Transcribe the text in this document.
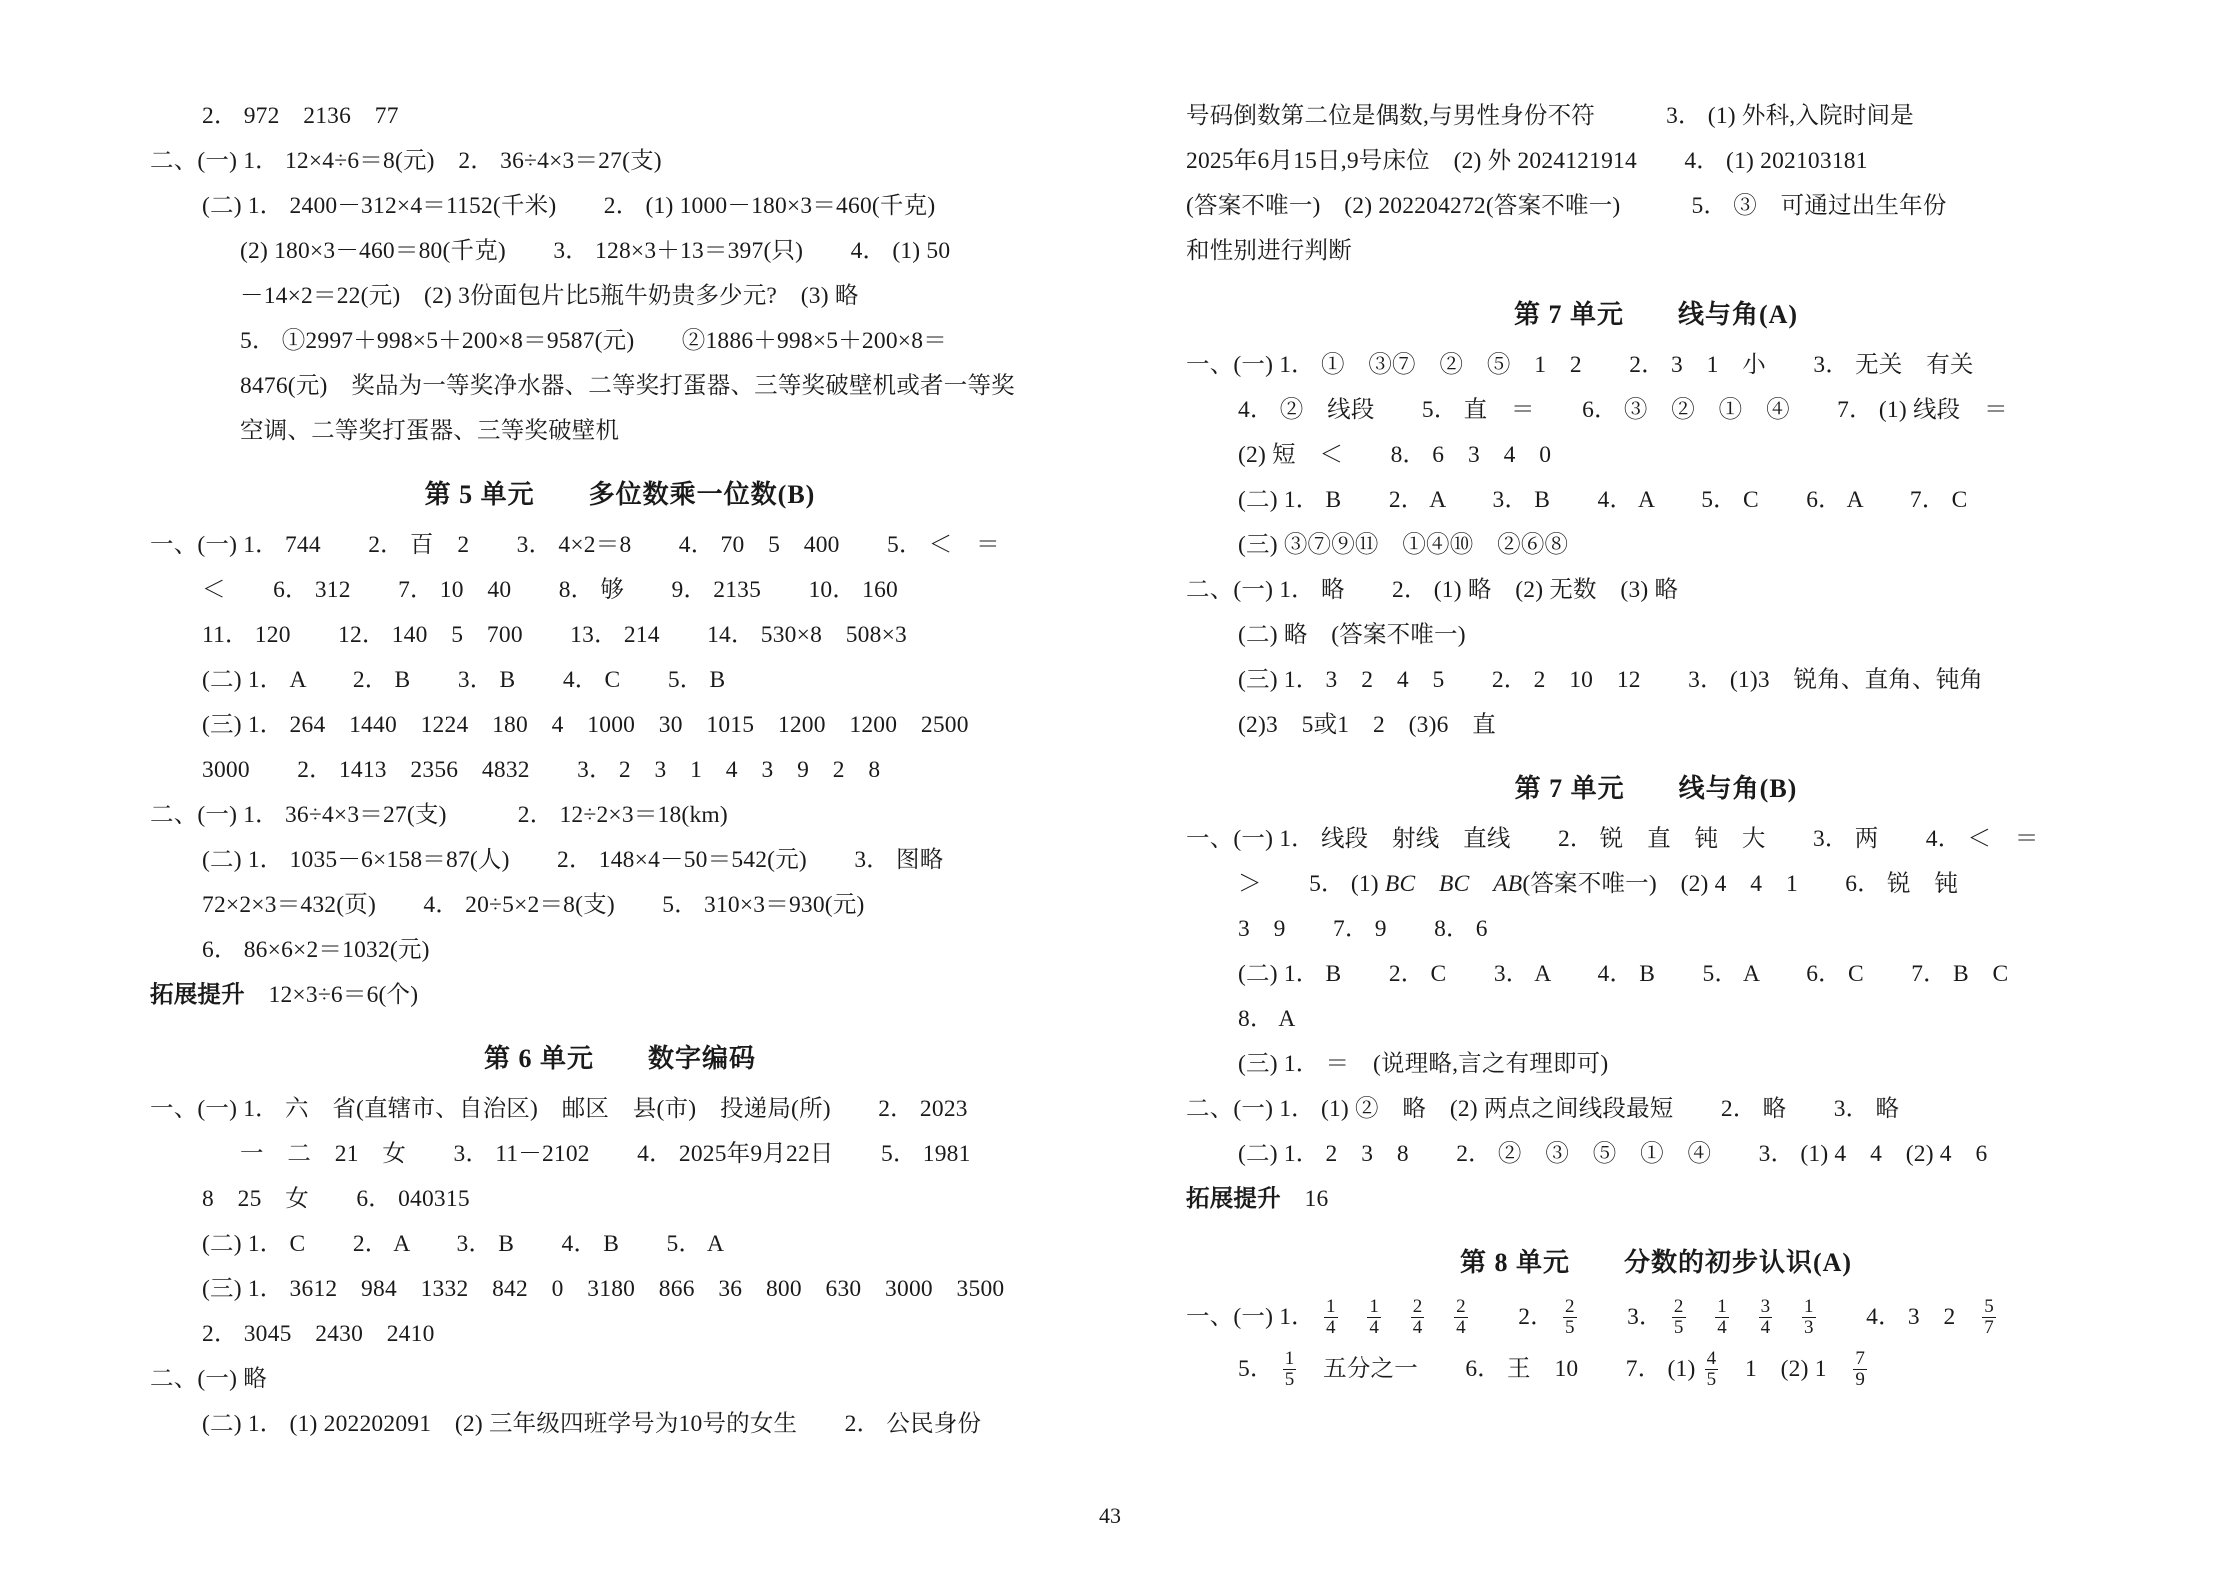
2． 972　2136　77
二、(一) 1． 12×4÷6＝8(元)　2． 36÷4×3＝27(支)
(二) 1． 2400－312×4＝1152(千米)　　2． (1) 1000－180×3＝460(千克)
(2) 180×3－460＝80(千克)　　3． 128×3＋13＝397(只)　　4． (1) 50
－14×2＝22(元)　(2) 3份面包片比5瓶牛奶贵多少元?　(3) 略
5． ①2997＋998×5＋200×8＝9587(元)　　②1886＋998×5＋200×8＝
8476(元)　奖品为一等奖净水器、二等奖打蛋器、三等奖破壁机或者一等奖
空调、二等奖打蛋器、三等奖破壁机
第 5 单元　　多位数乘一位数(B)
一、(一) 1． 744　　2． 百　2　　3． 4×2＝8　　4． 70　5　400　　5． ＜　＝
＜　　6． 312　　7． 10　40　　8． 够　　9． 2135　　10． 160
11． 120　　12． 140　5　700　　13． 214　　14． 530×8　508×3
(二) 1． A　　2． B　　3． B　　4． C　　5． B
(三) 1． 264　1440　1224　180　4　1000　30　1015　1200　1200　2500
3000　　2． 1413　2356　4832　　3． 2　3　1　4　3　9　2　8
二、(一) 1． 36÷4×3＝27(支)　　　2． 12÷2×3＝18(km)
(二) 1． 1035－6×158＝87(人)　　2． 148×4－50＝542(元)　　3． 图略
72×2×3＝432(页)　　4． 20÷5×2＝8(支)　　5． 310×3＝930(元)
6． 86×6×2＝1032(元)
拓展提升　12×3÷6＝6(个)
第 6 单元　　数字编码
一、(一) 1． 六　省(直辖市、自治区)　邮区　县(市)　投递局(所)　　2． 2023
一　二　21　女　　3． 11－2102　　4． 2025年9月22日　　5． 1981
8　25　女　　6． 040315
(二) 1． C　　2． A　　3． B　　4． B　　5． A
(三) 1． 3612　984　1332　842　0　3180　866　36　800　630　3000　3500
2． 3045　2430　2410
二、(一) 略
(二) 1． (1) 202202091　(2) 三年级四班学号为10号的女生　　2． 公民身份
号码倒数第二位是偶数,与男性身份不符　　　3． (1) 外科,入院时间是
2025年6月15日,9号床位　(2) 外 2024121914　　4． (1) 202103181
(答案不唯一)　(2) 202204272(答案不唯一)　　　5． ③　可通过出生年份
和性别进行判断
第 7 单元　　线与角(A)
一、(一) 1． ①　③⑦　②　⑤　1　2　　2． 3　1　小　　3． 无关　有关
4． ②　线段　　5． 直　＝　　6． ③　②　①　④　　7． (1) 线段　＝
(2) 短　＜　　8． 6　3　4　0
(二) 1． B　　2． A　　3． B　　4． A　　5． C　　6． A　　7． C
(三) ③⑦⑨⑪　①④⑩　②⑥⑧
二、(一) 1． 略　　2． (1) 略　(2) 无数　(3) 略
(二) 略　(答案不唯一)
(三) 1． 3　2　4　5　　2． 2　10　12　　3． (1)3　锐角、直角、钝角
(2)3　5或1　2　(3)6　直
第 7 单元　　线与角(B)
一、(一) 1． 线段　射线　直线　　2． 锐　直　钝　大　　3． 两　　4． ＜　＝
＞　　5． (1) BC　 BC　 AB(答案不唯一)　(2) 4　4　1　　6． 锐　钝
3　9　　7． 9　　8． 6
(二) 1． B　　2． C　　3． A　　4． B　　5． A　　6． C　　7． B　C
8． A
(三) 1． ＝　(说理略,言之有理即可)
二、(一) 1． (1) ②　略　(2) 两点之间线段最短　　2． 略　　3． 略
(二) 1． 2　3　8　　2． ②　③　⑤　①　④　　3． (1) 4　4　(2) 4　6
拓展提升　16
第 8 单元　　分数的初步认识(A)
一、(一) 1． $\frac{1}{4}$
　 $\frac{1}{4}$
　 $\frac{2}{4}$
　 $\frac{2}{4}$ 　　2． $\frac{2}{5}$ 　　3． $\frac{2}{5}$
　 $\frac{1}{4}$
　 $\frac{3}{4}$
　 $\frac{1}{3}$ 　　4． 3　2　 $\frac{5}{7}$
5． $\frac{1}{5}$ 　五分之一　　6． 王　10　　7． $(1) \frac{4}{5}$ 　1　(2) 1　 $\frac{7}{9}$
43
